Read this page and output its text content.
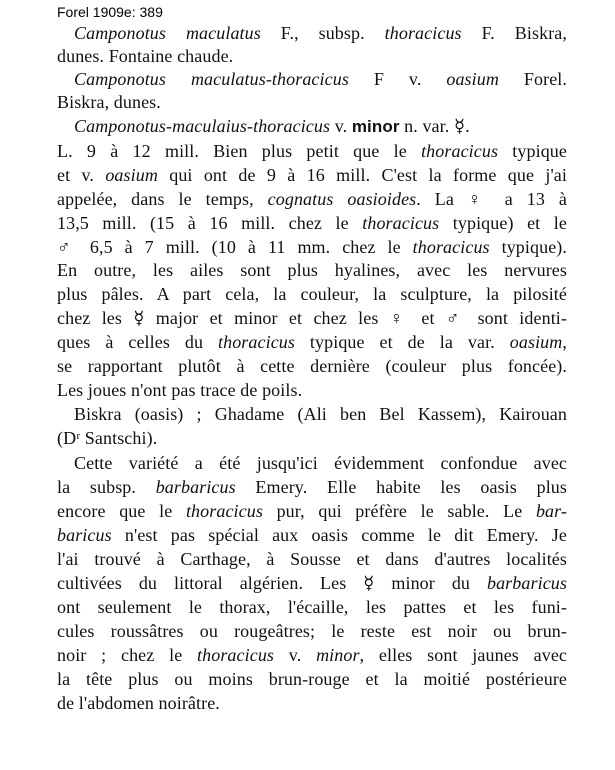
Forel 1909e: 389
Camponotus maculatus F., subsp. thoracicus F. Biskra,
dunes. Fontaine chaude.
Camponotus maculatus-thoracicus F v. oasium Forel.
Biskra, dunes.
Camponotus-maculaius-thoracicus v. minor n. var. ☿.
L. 9 à 12 mill. Bien plus petit que le thoracicus typique
et v. oasium qui ont de 9 à 16 mill. C'est la forme que j'ai
appelée, dans le temps, cognatus oasioides. La ♀ a 13 à
13,5 mill. (15 à 16 mill. chez le thoracicus typique) et le
♂ 6,5 à 7 mill. (10 à 11 mm. chez le thoracicus typique).
En outre, les ailes sont plus hyalines, avec les nervures
plus pâles. A part cela, la couleur, la sculpture, la pilosité
chez les ☿ major et minor et chez les ♀ et ♂ sont identi-
ques à celles du thoracicus typique et de la var. oasium,
se rapportant plutôt à cette dernière (couleur plus foncée).
Les joues n'ont pas trace de poils.
Biskra (oasis) ; Ghadame (Ali ben Bel Kassem), Kairouan
(Dʳ Santschi).
Cette variété a été jusqu'ici évidemment confondue avec
la subsp. barbaricus Emery. Elle habite les oasis plus
encore que le thoracicus pur, qui préfère le sable. Le bar-
baricus n'est pas spécial aux oasis comme le dit Emery. Je
l'ai trouvé à Carthage, à Sousse et dans d'autres localités
cultivées du littoral algérien. Les ☿ minor du barbaricus
ont seulement le thorax, l'écaille, les pattes et les funi-
cules roussâtres ou rougeâtres; le reste est noir ou brun-
noir ; chez le thoracicus v. minor, elles sont jaunes avec
la tête plus ou moins brun-rouge et la moitié postérieure
de l'abdomen noirâtre.
